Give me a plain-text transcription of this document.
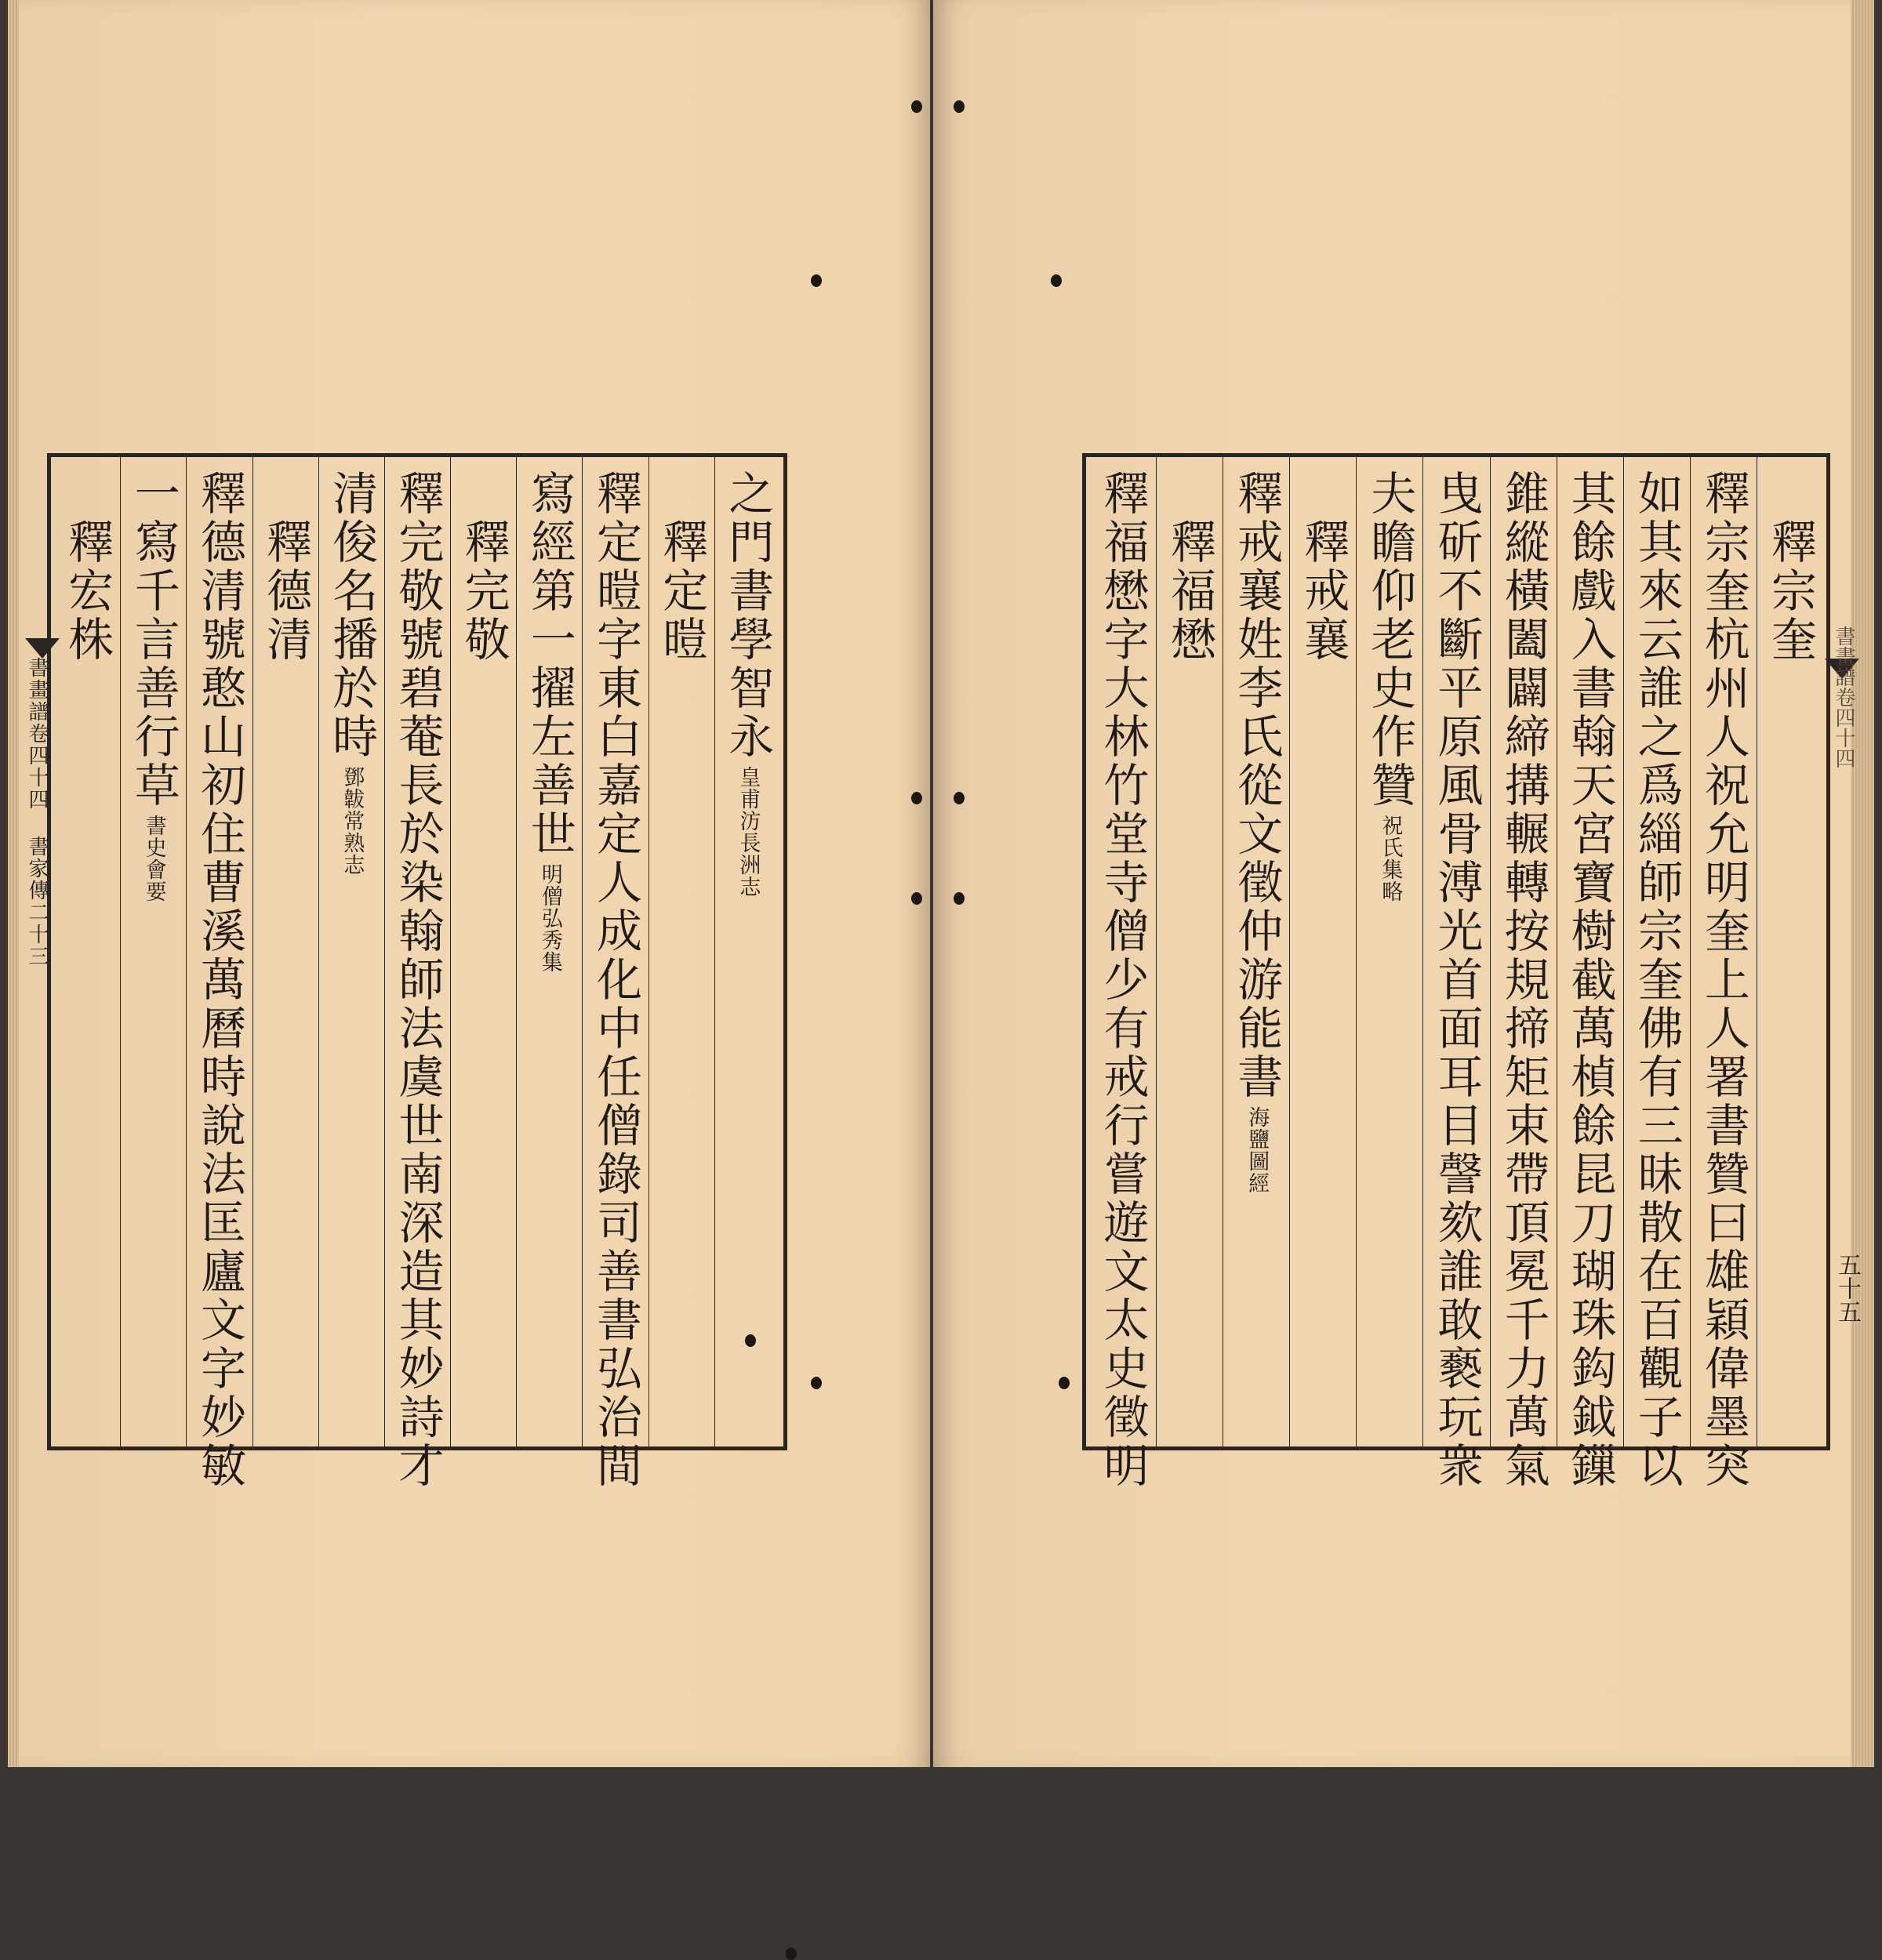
書畫譜卷四十四 書家傳二十三
之門書學智永皇甫汸長洲志
　釋定暟
釋定暟字東白嘉定人成化中任僧錄司善書弘治間
寫經第一擢左善世明僧弘秀集
　釋完敬
釋完敬號碧菴長於染翰師法虞世南深造其妙詩才
清俊名播於時鄧韍常熟志
　釋德清
釋德清號憨山初住曹溪萬曆時說法匡廬文字妙敏
一寫千言善行草書史會要
　釋宏株	　釋宗奎
釋宗奎杭州人祝允明奎上人署書贊曰雄穎偉墨突
如其來云誰之爲緇師宗奎佛有三昧散在百觀子以
其餘戲入書翰天宮寶樹截萬楨餘昆刀瑚珠鈎鉞鏁
錐縱橫闔闢締搆輾轉按規揥矩束帶頂冕千力萬氣
曳斫不斷平原風骨溥光首面耳目謦欬誰敢褻玩衆
夫瞻仰老史作贊祝氏集略
　釋戒襄
釋戒襄姓李氏從文徵仲游能書海鹽圖經
　釋福懋
釋福懋字大林竹堂寺僧少有戒行嘗遊文太史徵明	書畫譜卷四十四
五十五
